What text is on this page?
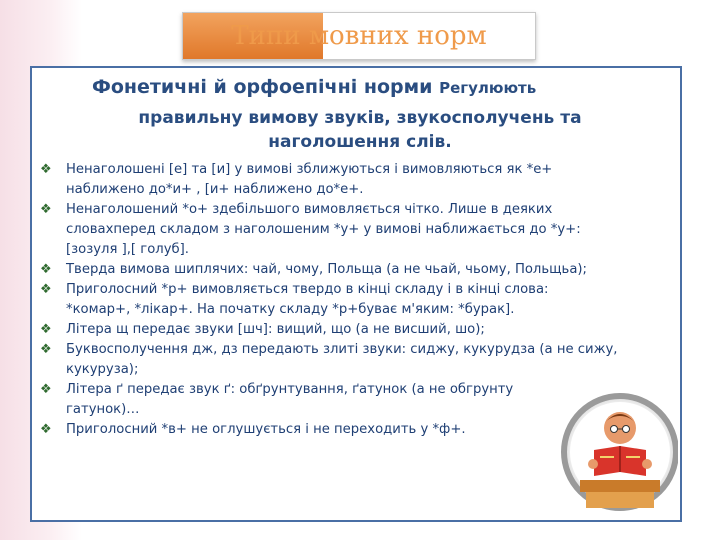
Типи мовних норм
Фонетичні й орфоепічні норми Регулюють
правильну вимову звуків, звукосполучень та
наголошення слів.
❖ Ненаголошені [е] та [и] у вимові зближуються і вимовляються як *е+
наближено до*и+ , [и+ наближено до*е+.
❖ Ненаголошений *о+ здебільшого вимовляється чітко. Лише в деяких
словахперед складом з наголошеним *у+ у вимові наближається до *у+:
[зозуля ],[ голуб].
❖ Тверда вимова шиплячих: чай, чому, Польща (а не чьай, чьому, Польщьа);
❖ Приголосний *р+ вимовляється твердо в кінці складу і в кінці слова:
*комар+, *лікар+. На початку складу *р+буває м'яким: *бурак].
❖ Літера щ передає звуки [шч]: вищий, що (а не висший, шо);
❖ Буквосполучення дж, дз передають злиті звуки: сиджу, кукурудза (а не сижу,
кукуруза);
❖ Літера ґ передає звук ґ: обґрунтування, ґатунок (а не обгрунту
гатунок)…
❖ Приголосний *в+ не оглушується і не переходить у *ф+.
